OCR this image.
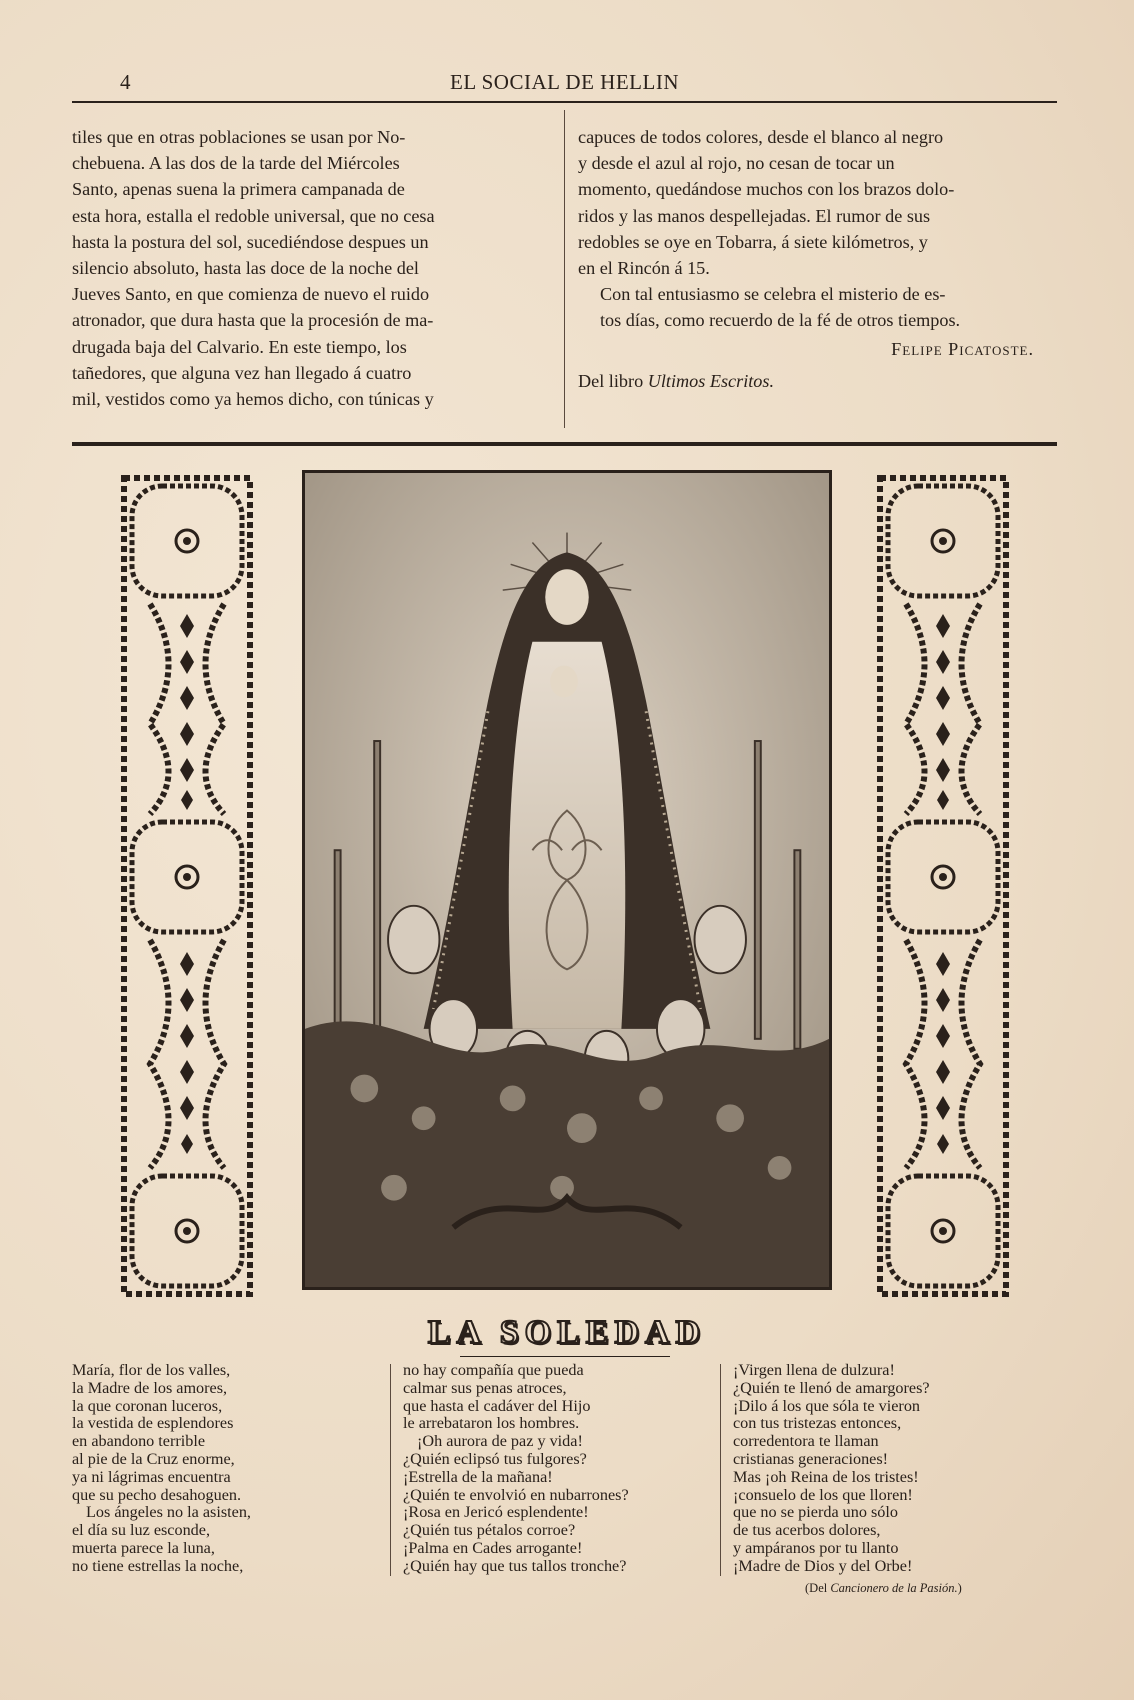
4	EL SOCIAL DE HELLIN
tiles que en otras poblaciones se usan por No-
chebuena. A las dos de la tarde del Miércoles
Santo, apenas suena la primera campanada de
esta hora, estalla el redoble universal, que no cesa
hasta la postura del sol, sucediéndose despues un
silencio absoluto, hasta las doce de la noche del
Jueves Santo, en que comienza de nuevo el ruido
atronador, que dura hasta que la procesión de ma-
drugada baja del Calvario. En este tiempo, los
tañedores, que alguna vez han llegado á cuatro
mil, vestidos como ya hemos dicho, con túnicas y
capuces de todos colores, desde el blanco al negro
y desde el azul al rojo, no cesan de tocar un
momento, quedándose muchos con los brazos dolo-
ridos y las manos despellejadas. El rumor de sus
redobles se oye en Tobarra, á siete kilómetros, y
en el Rincón á 15.
Con tal entusiasmo se celebra el misterio de es-
tos días, como recuerdo de la fé de otros tiempos.
Felipe Picatoste.
Del libro Ultimos Escritos.
LA SOLEDAD
María, flor de los valles,
la Madre de los amores,
la que coronan luceros,
la vestida de esplendores
en abandono terrible
al pie de la Cruz enorme,
ya ni lágrimas encuentra
que su pecho desahoguen.
Los ángeles no la asisten,
el día su luz esconde,
muerta parece la luna,
no tiene estrellas la noche,
no hay compañía que pueda
calmar sus penas atroces,
que hasta el cadáver del Hijo
le arrebataron los hombres.
¡Oh aurora de paz y vida!
¿Quién eclipsó tus fulgores?
¡Estrella de la mañana!
¿Quién te envolvió en nubarrones?
¡Rosa en Jericó esplendente!
¿Quién tus pétalos corroe?
¡Palma en Cades arrogante!
¿Quién hay que tus tallos tronche?
¡Virgen llena de dulzura!
¿Quién te llenó de amargores?
¡Dilo á los que sóla te vieron
con tus tristezas entonces,
corredentora te llaman
cristianas generaciones!
Mas ¡oh Reina de los tristes!
¡consuelo de los que lloren!
que no se pierda uno sólo
de tus acerbos dolores,
y ampáranos por tu llanto
¡Madre de Dios y del Orbe!
(Del Cancionero de la Pasión.)
